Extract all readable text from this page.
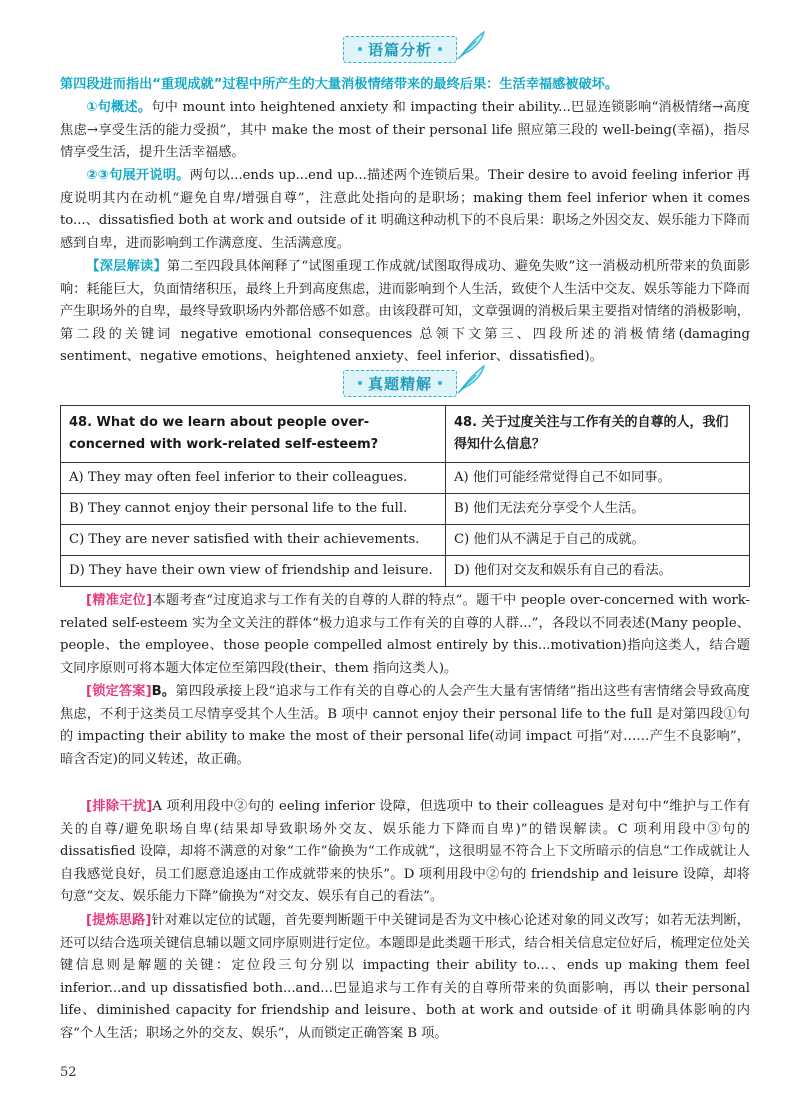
语篇分析
第四段进而指出“重现成就”过程中所产生的大量消极情绪带来的最终后果：生活幸福感被破坏。
①句概述。句中 mount into heightened anxiety 和 impacting their ability...巴显连锁影响“消极情绪→高度焦虑→享受生活的能力受损”，其中 make the most of their personal life 照应第三段的 well-being(幸福)，指尽情享受生活，提升生活幸福感。
②③句展开说明。两句以...ends up...end up...描述两个连锁后果。Their desire to avoid feeling inferior 再度说明其内在动机“避免自卑/增强自尊”，注意此处指向的是职场；making them feel inferior when it comes to...、dissatisfied both at work and outside of it 明确这种动机下的不良后果：职场之外因交友、娱乐能力下降而感到自卑，进而影响到工作满意度、生活满意度。
【深层解读】第二至四段具体阐释了“试图重现工作成就/试图取得成功、避免失败”这一消极动机所带来的负面影响：耗能巨大，负面情绪积压，最终上升到高度焦虑，进而影响到个人生活，致使个人生活中交友、娱乐等能力下降而产生职场外的自卑，最终导致职场内外都倍感不如意。由该段群可知，文章强调的消极后果主要指对情绪的消极影响，第二段的关键词 negative emotional consequences 总领下文第三、四段所述的消极情绪(damaging sentiment、negative emotions、heightened anxiety、feel inferior、dissatisfied)。
真题精解
48. What do we learn about people over-concerned with work-related self-esteem?	48. 关于过度关注与工作有关的自尊的人，我们得知什么信息？
A) They may often feel inferior to their colleagues.	A) 他们可能经常觉得自己不如同事。
B) They cannot enjoy their personal life to the full.	B) 他们无法充分享受个人生活。
C) They are never satisfied with their achievements.	C) 他们从不满足于自己的成就。
D) They have their own view of friendship and leisure.	D) 他们对交友和娱乐有自己的看法。
[精准定位]本题考查“过度追求与工作有关的自尊的人群的特点”。题干中 people over-concerned with work-related self-esteem 实为全文关注的群体“极力追求与工作有关的自尊的人群...”，各段以不同表述(Many people、people、the employee、those people compelled almost entirely by this...motivation)指向这类人，结合题文同序原则可将本题大体定位至第四段(their、them 指向这类人)。
[锁定答案]B。第四段承接上段“追求与工作有关的自尊心的人会产生大量有害情绪”指出这些有害情绪会导致高度焦虑，不利于这类员工尽情享受其个人生活。B 项中 cannot enjoy their personal life to the full 是对第四段①句的 impacting their ability to make the most of their personal life(动词 impact 可指“对……产生不良影响”，暗含否定)的同义转述，故正确。
[排除干扰]A 项利用段中②句的 eeling inferior 设障，但选项中 to their colleagues 是对句中“维护与工作有关的自尊/避免职场自卑(结果却导致职场外交友、娱乐能力下降而自卑)”的错误解读。C 项利用段中③句的 dissatisfied 设障，却将不满意的对象“工作”偷换为“工作成就”，这很明显不符合上下文所暗示的信息“工作成就让人自我感觉良好，员工们愿意追逐由工作成就带来的快乐”。D 项利用段中②句的 friendship and leisure 设障，却将句意“交友、娱乐能力下降”偷换为“对交友、娱乐有自己的看法”。
[提炼思路]针对难以定位的试题，首先要判断题干中关键词是否为文中核心论述对象的同义改写；如若无法判断，还可以结合选项关键信息辅以题文同序原则进行定位。本题即是此类题干形式，结合相关信息定位好后，梳理定位处关键信息则是解题的关键：定位段三句分别以 impacting their ability to...、ends up making them feel inferior...and up dissatisfied both...and...巴显追求与工作有关的自尊所带来的负面影响，再以 their personal life、diminished capacity for friendship and leisure、both at work and outside of it 明确具体影响的内容“个人生活；职场之外的交友、娱乐”，从而锁定正确答案 B 项。
52
